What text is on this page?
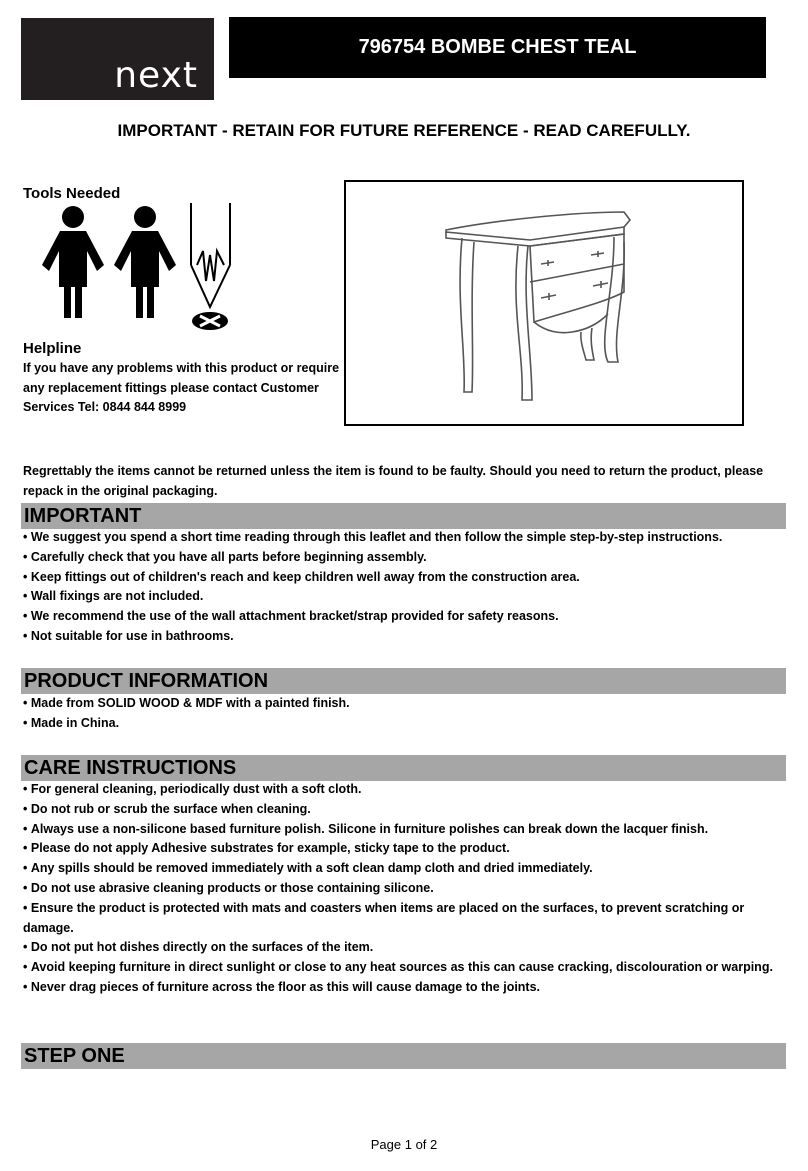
next
796754 BOMBE CHEST TEAL
IMPORTANT - RETAIN FOR FUTURE REFERENCE - READ CAREFULLY.
Tools Needed
Helpline
If you have any problems with this product or require any replacement fittings please contact Customer Services Tel: 0844 844 8999
Regrettably the items cannot be returned unless the item is found to be faulty. Should you need to return the product, please repack in the original packaging.
IMPORTANT
• We suggest you spend a short time reading through this leaflet and then follow the simple step-by-step instructions.
• Carefully check that you have all parts before beginning assembly.
• Keep fittings out of children's reach and keep children well away from the construction area.
• Wall fixings are not included.
• We recommend the use of the wall attachment bracket/strap provided for safety reasons.
• Not suitable for use in bathrooms.
PRODUCT INFORMATION
• Made from SOLID WOOD & MDF with a painted finish.
• Made in China.
CARE INSTRUCTIONS
• For general cleaning, periodically dust with a soft cloth.
• Do not rub or scrub the surface when cleaning.
• Always use a non-silicone based furniture polish. Silicone in furniture polishes can break down the lacquer finish.
• Please do not apply Adhesive substrates for example, sticky tape to the product.
• Any spills should be removed immediately with a soft clean damp cloth and dried immediately.
• Do not use abrasive cleaning products or those containing silicone.
• Ensure the product is protected with mats and coasters when items are placed on the surfaces, to prevent scratching or damage.
• Do not put hot dishes directly on the surfaces of the item.
• Avoid keeping furniture in direct sunlight or close to any heat sources as this can cause cracking, discolouration or warping.
• Never drag pieces of furniture across the floor as this will cause damage to the joints.
STEP ONE
Page 1 of 2
